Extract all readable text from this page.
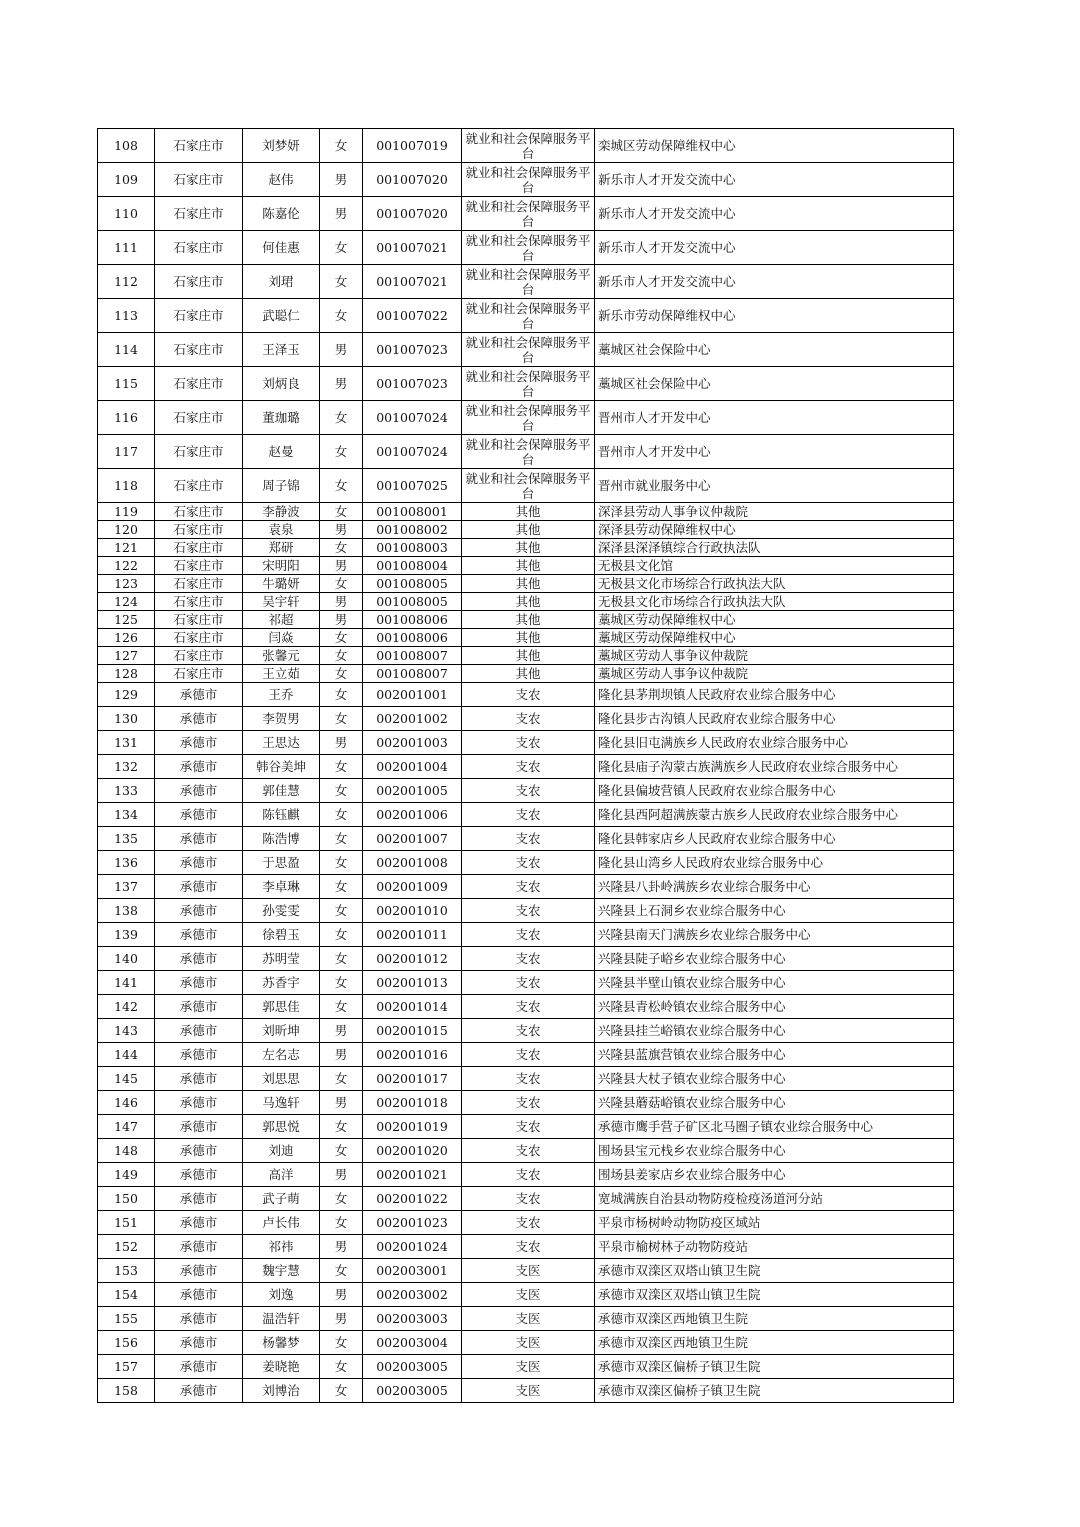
108	石家庄市	刘梦妍	女	001007019	就业和社会保障服务平台	栾城区劳动保障维权中心
109	石家庄市	赵伟	男	001007020	就业和社会保障服务平台	新乐市人才开发交流中心
110	石家庄市	陈嘉伦	男	001007020	就业和社会保障服务平台	新乐市人才开发交流中心
111	石家庄市	何佳惠	女	001007021	就业和社会保障服务平台	新乐市人才开发交流中心
112	石家庄市	刘珺	女	001007021	就业和社会保障服务平台	新乐市人才开发交流中心
113	石家庄市	武聪仁	女	001007022	就业和社会保障服务平台	新乐市劳动保障维权中心
114	石家庄市	王泽玉	男	001007023	就业和社会保障服务平台	藁城区社会保险中心
115	石家庄市	刘炳良	男	001007023	就业和社会保障服务平台	藁城区社会保险中心
116	石家庄市	董珈璐	女	001007024	就业和社会保障服务平台	晋州市人才开发中心
117	石家庄市	赵曼	女	001007024	就业和社会保障服务平台	晋州市人才开发中心
118	石家庄市	周子锦	女	001007025	就业和社会保障服务平台	晋州市就业服务中心
119	石家庄市	李静波	女	001008001	其他	深泽县劳动人事争议仲裁院
120	石家庄市	袁泉	男	001008002	其他	深泽县劳动保障维权中心
121	石家庄市	郑研	女	001008003	其他	深泽县深泽镇综合行政执法队
122	石家庄市	宋明阳	男	001008004	其他	无极县文化馆
123	石家庄市	牛璐妍	女	001008005	其他	无极县文化市场综合行政执法大队
124	石家庄市	吴宇轩	男	001008005	其他	无极县文化市场综合行政执法大队
125	石家庄市	祁超	男	001008006	其他	藁城区劳动保障维权中心
126	石家庄市	闫焱	女	001008006	其他	藁城区劳动保障维权中心
127	石家庄市	张馨元	女	001008007	其他	藁城区劳动人事争议仲裁院
128	石家庄市	王立茹	女	001008007	其他	藁城区劳动人事争议仲裁院
129	承德市	王乔	女	002001001	支农	隆化县茅荆坝镇人民政府农业综合服务中心
130	承德市	李贺男	女	002001002	支农	隆化县步古沟镇人民政府农业综合服务中心
131	承德市	王思达	男	002001003	支农	隆化县旧屯满族乡人民政府农业综合服务中心
132	承德市	韩谷美坤	女	002001004	支农	隆化县庙子沟蒙古族满族乡人民政府农业综合服务中心
133	承德市	郭佳慧	女	002001005	支农	隆化县偏坡营镇人民政府农业综合服务中心
134	承德市	陈钰麒	女	002001006	支农	隆化县西阿超满族蒙古族乡人民政府农业综合服务中心
135	承德市	陈浩博	女	002001007	支农	隆化县韩家店乡人民政府农业综合服务中心
136	承德市	于思盈	女	002001008	支农	隆化县山湾乡人民政府农业综合服务中心
137	承德市	李卓琳	女	002001009	支农	兴隆县八卦岭满族乡农业综合服务中心
138	承德市	孙雯雯	女	002001010	支农	兴隆县上石洞乡农业综合服务中心
139	承德市	徐碧玉	女	002001011	支农	兴隆县南天门满族乡农业综合服务中心
140	承德市	苏明莹	女	002001012	支农	兴隆县陡子峪乡农业综合服务中心
141	承德市	苏香宇	女	002001013	支农	兴隆县半壁山镇农业综合服务中心
142	承德市	郭思佳	女	002001014	支农	兴隆县青松岭镇农业综合服务中心
143	承德市	刘昕坤	男	002001015	支农	兴隆县挂兰峪镇农业综合服务中心
144	承德市	左名志	男	002001016	支农	兴隆县蓝旗营镇农业综合服务中心
145	承德市	刘思思	女	002001017	支农	兴隆县大杖子镇农业综合服务中心
146	承德市	马逸轩	男	002001018	支农	兴隆县蘑菇峪镇农业综合服务中心
147	承德市	郭思悦	女	002001019	支农	承德市鹰手营子矿区北马圈子镇农业综合服务中心
148	承德市	刘迪	女	002001020	支农	围场县宝元栈乡农业综合服务中心
149	承德市	高洋	男	002001021	支农	围场县姜家店乡农业综合服务中心
150	承德市	武子萌	女	002001022	支农	宽城满族自治县动物防疫检疫汤道河分站
151	承德市	卢长伟	女	002001023	支农	平泉市杨树岭动物防疫区域站
152	承德市	祁祎	男	002001024	支农	平泉市榆树林子动物防疫站
153	承德市	魏宇慧	女	002003001	支医	承德市双滦区双塔山镇卫生院
154	承德市	刘逸	男	002003002	支医	承德市双滦区双塔山镇卫生院
155	承德市	温浩轩	男	002003003	支医	承德市双滦区西地镇卫生院
156	承德市	杨馨梦	女	002003004	支医	承德市双滦区西地镇卫生院
157	承德市	姜晓艳	女	002003005	支医	承德市双滦区偏桥子镇卫生院
158	承德市	刘博治	女	002003005	支医	承德市双滦区偏桥子镇卫生院
